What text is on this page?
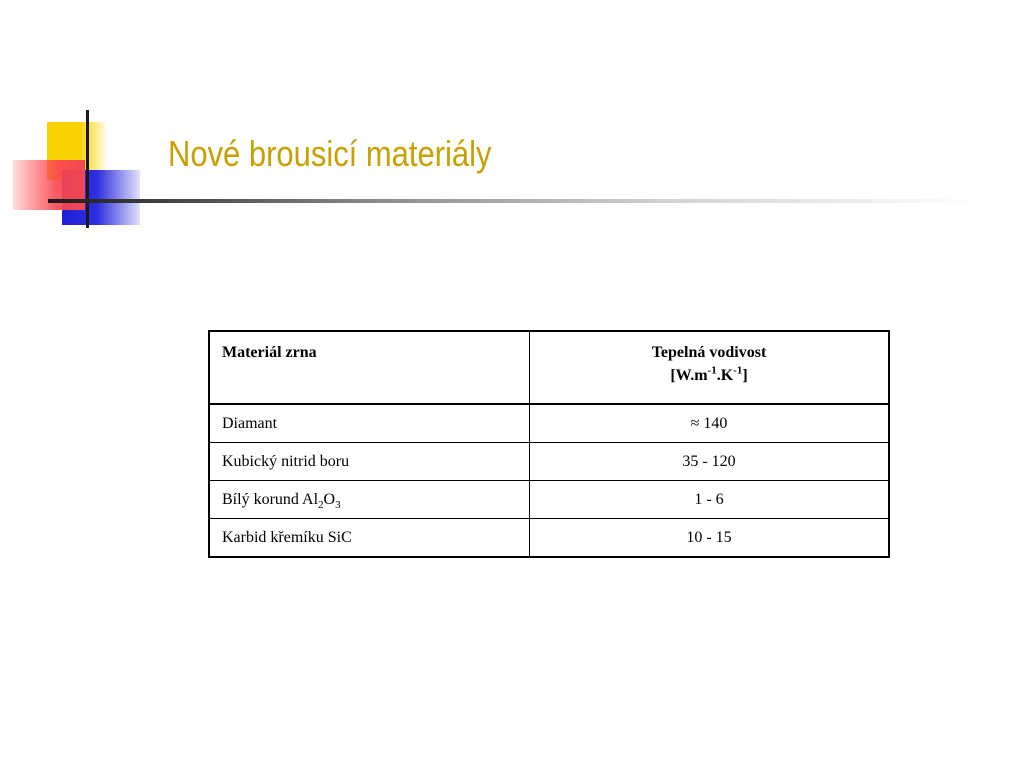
Nové brousicí materiály
Materiál zrna	Tepelná vodivost
$[W.m^{-1}.K^{-1}]$
Diamant	≈ 140
Kubický nitrid boru	35 - 120
Bílý korund $Al_2O_3$	1 - 6
Karbid křemíku SiC	10 - 15
